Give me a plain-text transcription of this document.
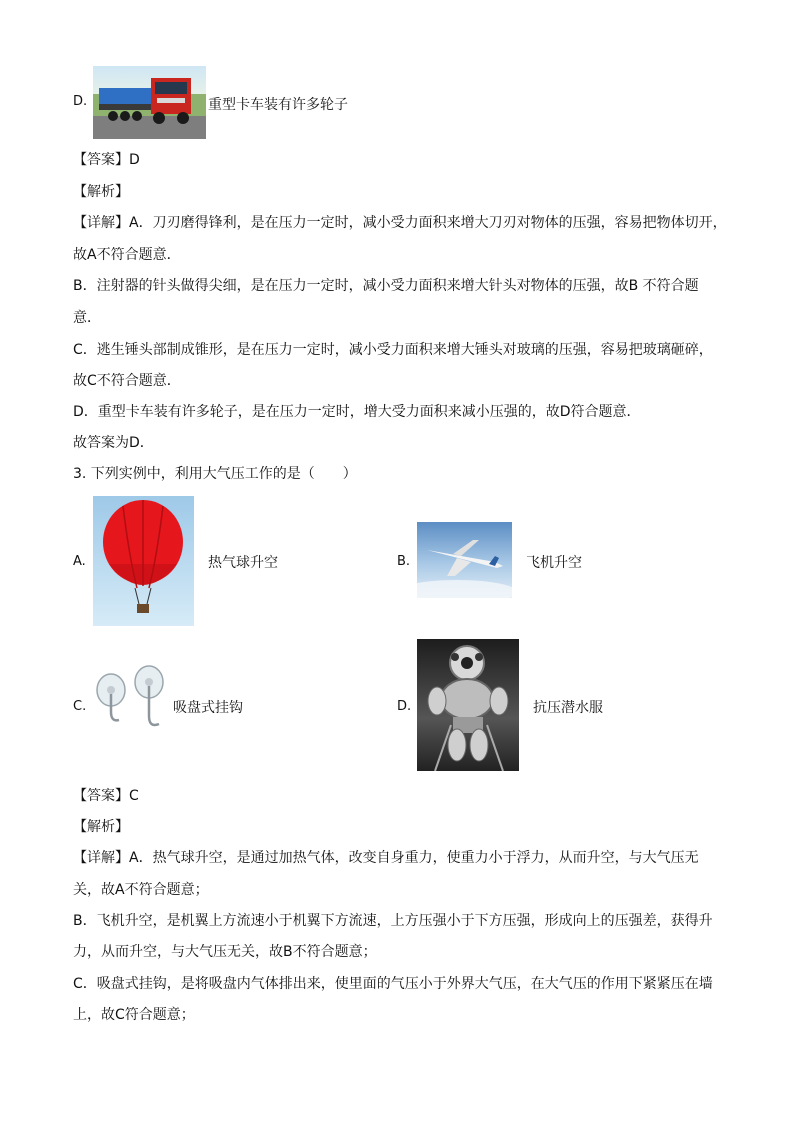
D.	重型卡车装有许多轮子
【答案】D
【解析】
【详解】A．刀刃磨得锋利，是在压力一定时，减小受力面积来增大刀刃对物体的压强，容易把物体切开，
故A不符合题意．
B．注射器的针头做得尖细，是在压力一定时，减小受力面积来增大针头对物体的压强，故B 不符合题
意．
C．逃生锤头部制成锥形，是在压力一定时，减小受力面积来增大锤头对玻璃的压强，容易把玻璃砸碎，
故C不符合题意．
D．重型卡车装有许多轮子，是在压力一定时，增大受力面积来减小压强的，故D符合题意．
故答案为D．
3. 下列实例中，利用大气压工作的是（　　）
A.	热气球升空	B.	飞机升空
C.	吸盘式挂钩	D.	抗压潜水服
【答案】C
【解析】
【详解】A．热气球升空，是通过加热气体，改变自身重力，使重力小于浮力，从而升空，与大气压无
关，故A不符合题意；
B．飞机升空，是机翼上方流速小于机翼下方流速，上方压强小于下方压强，形成向上的压强差，获得升
力，从而升空，与大气压无关，故B不符合题意；
C．吸盘式挂钩，是将吸盘内气体排出来，使里面的气压小于外界大气压，在大气压的作用下紧紧压在墙
上，故C符合题意；
